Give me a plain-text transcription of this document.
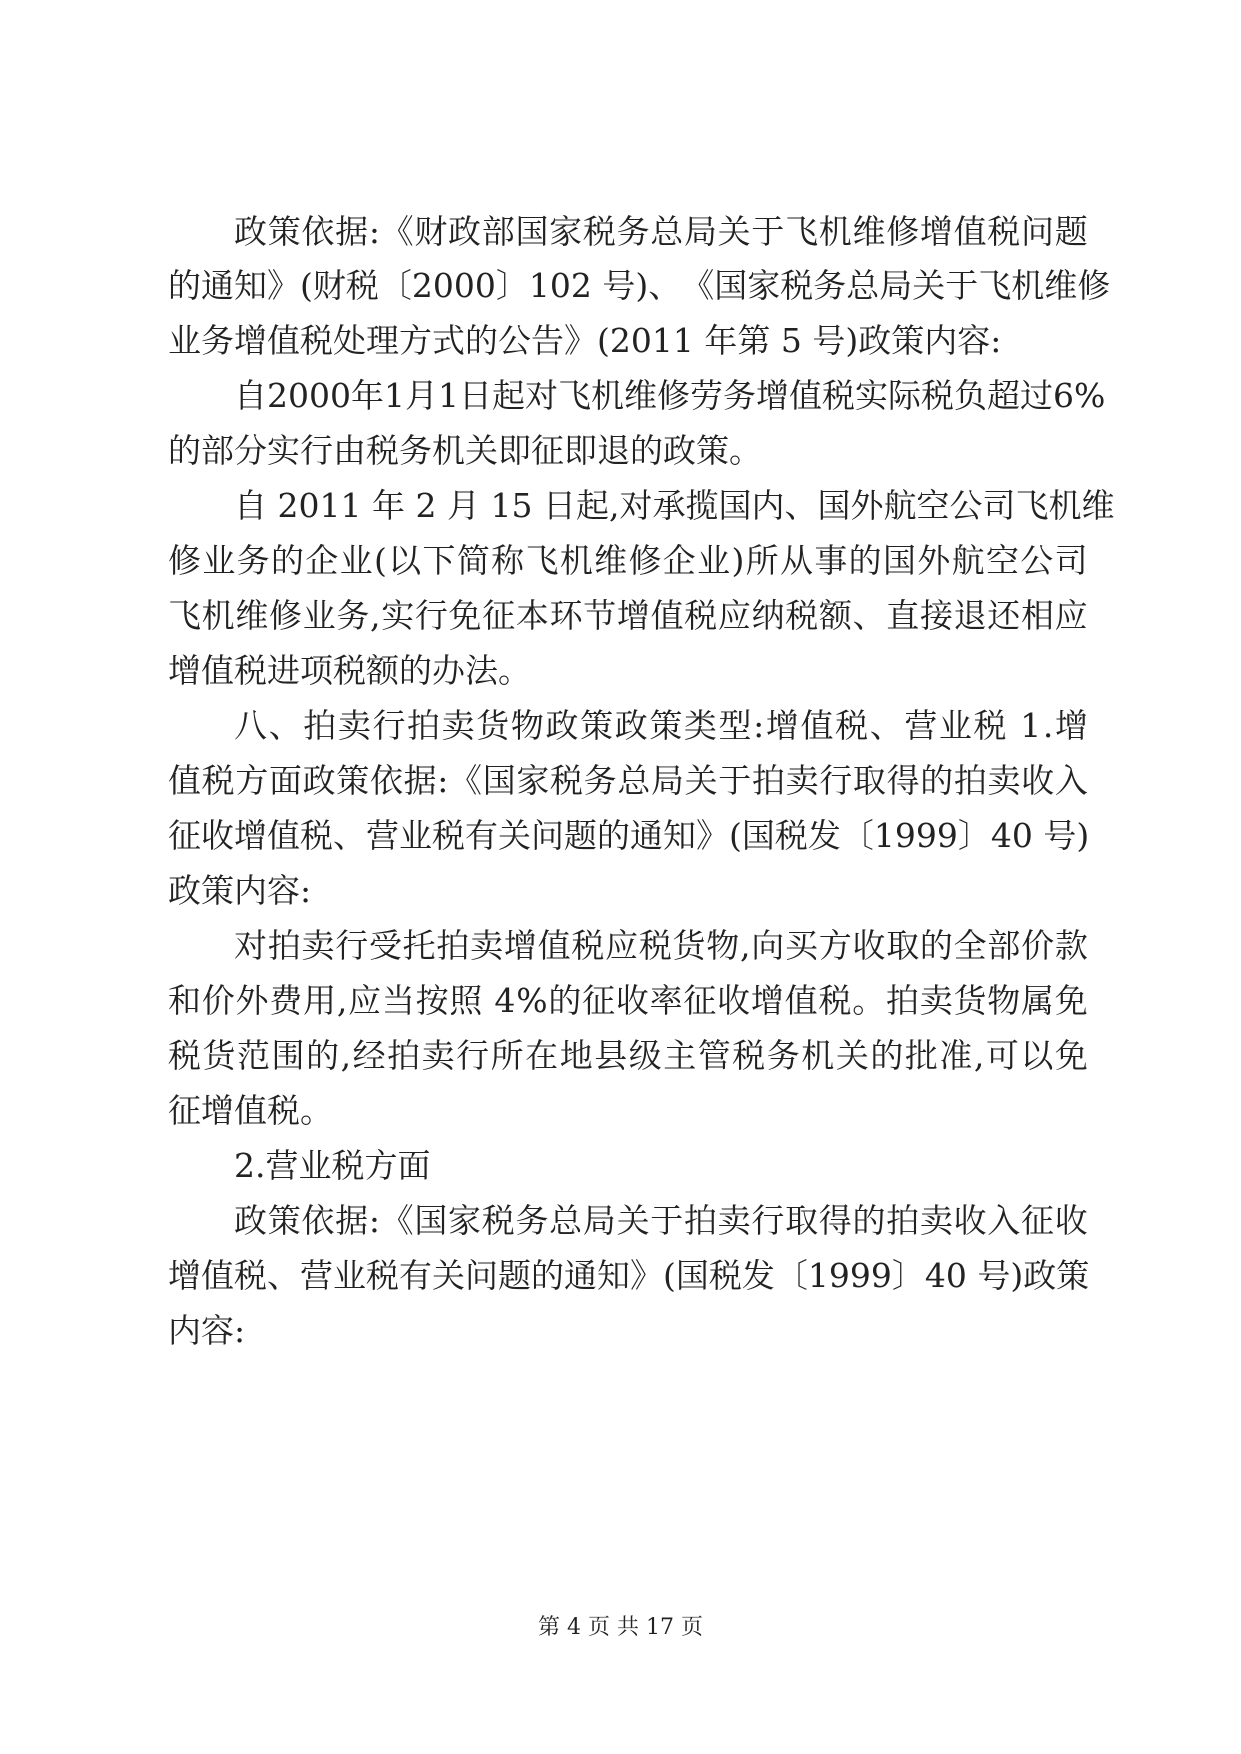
政 策 依 据 : 《 财 政 部 国 家 税 务 总 局 关 于 飞 机 维 修 增 值 税 问 题
的 通 知 》 ( 财 税 〔 2 0 0 0 〕 1 0 2
号 ) 、 《 国 家 税 务 总 局 关 于 飞 机 维 修
业务增值税处理方式的公告》(2011 年第 5 号)政策内容:
自 2 0 0 0 年 1 月 1 日 起 对 飞 机 维 修 劳 务 增 值 税 实 际 税 负 超 过 6 %
的部分实行由税务机关即征即退的政策。
自
2 0 1 1
年
2
月
1 5
日 起 , 对 承 揽 国 内 、 国 外 航 空 公 司 飞 机 维
修 业 务 的 企 业 ( 以 下 简 称 飞 机 维 修 企 业 ) 所 从 事 的 国 外 航 空 公 司
飞 机 维 修 业 务 , 实 行 免 征 本 环 节 增 值 税 应 纳 税 额 、 直 接 退 还 相 应
增值税进项税额的办法。
八 、 拍 卖 行 拍 卖 货 物 政 策 政 策 类 型 : 增 值 税 、 营 业 税
1 . 增
值 税 方 面 政 策 依 据 : 《 国 家 税 务 总 局 关 于 拍 卖 行 取 得 的 拍 卖 收 入
征 收 增 值 税 、 营 业 税 有 关 问 题 的 通 知 》 ( 国 税 发 〔 1 9 9 9 〕 4 0
号 )
政策内容:
对 拍 卖 行 受 托 拍 卖 增 值 税 应 税 货 物 , 向 买 方 收 取 的 全 部 价 款
和 价 外 费 用 , 应 当 按 照
4 % 的 征 收 率 征 收 增 值 税 。 拍 卖 货 物 属 免
税 货 范 围 的 , 经 拍 卖 行 所 在 地 县 级 主 管 税 务 机 关 的 批 准 , 可 以 免
征增值税。
2.营业税方面
政 策 依 据 : 《 国 家 税 务 总 局 关 于 拍 卖 行 取 得 的 拍 卖 收 入 征 收
增 值 税 、 营 业 税 有 关 问 题 的 通 知 》 ( 国 税 发 〔 1 9 9 9 〕 4 0
号 ) 政 策
内容:
第 4 页 共 17 页
